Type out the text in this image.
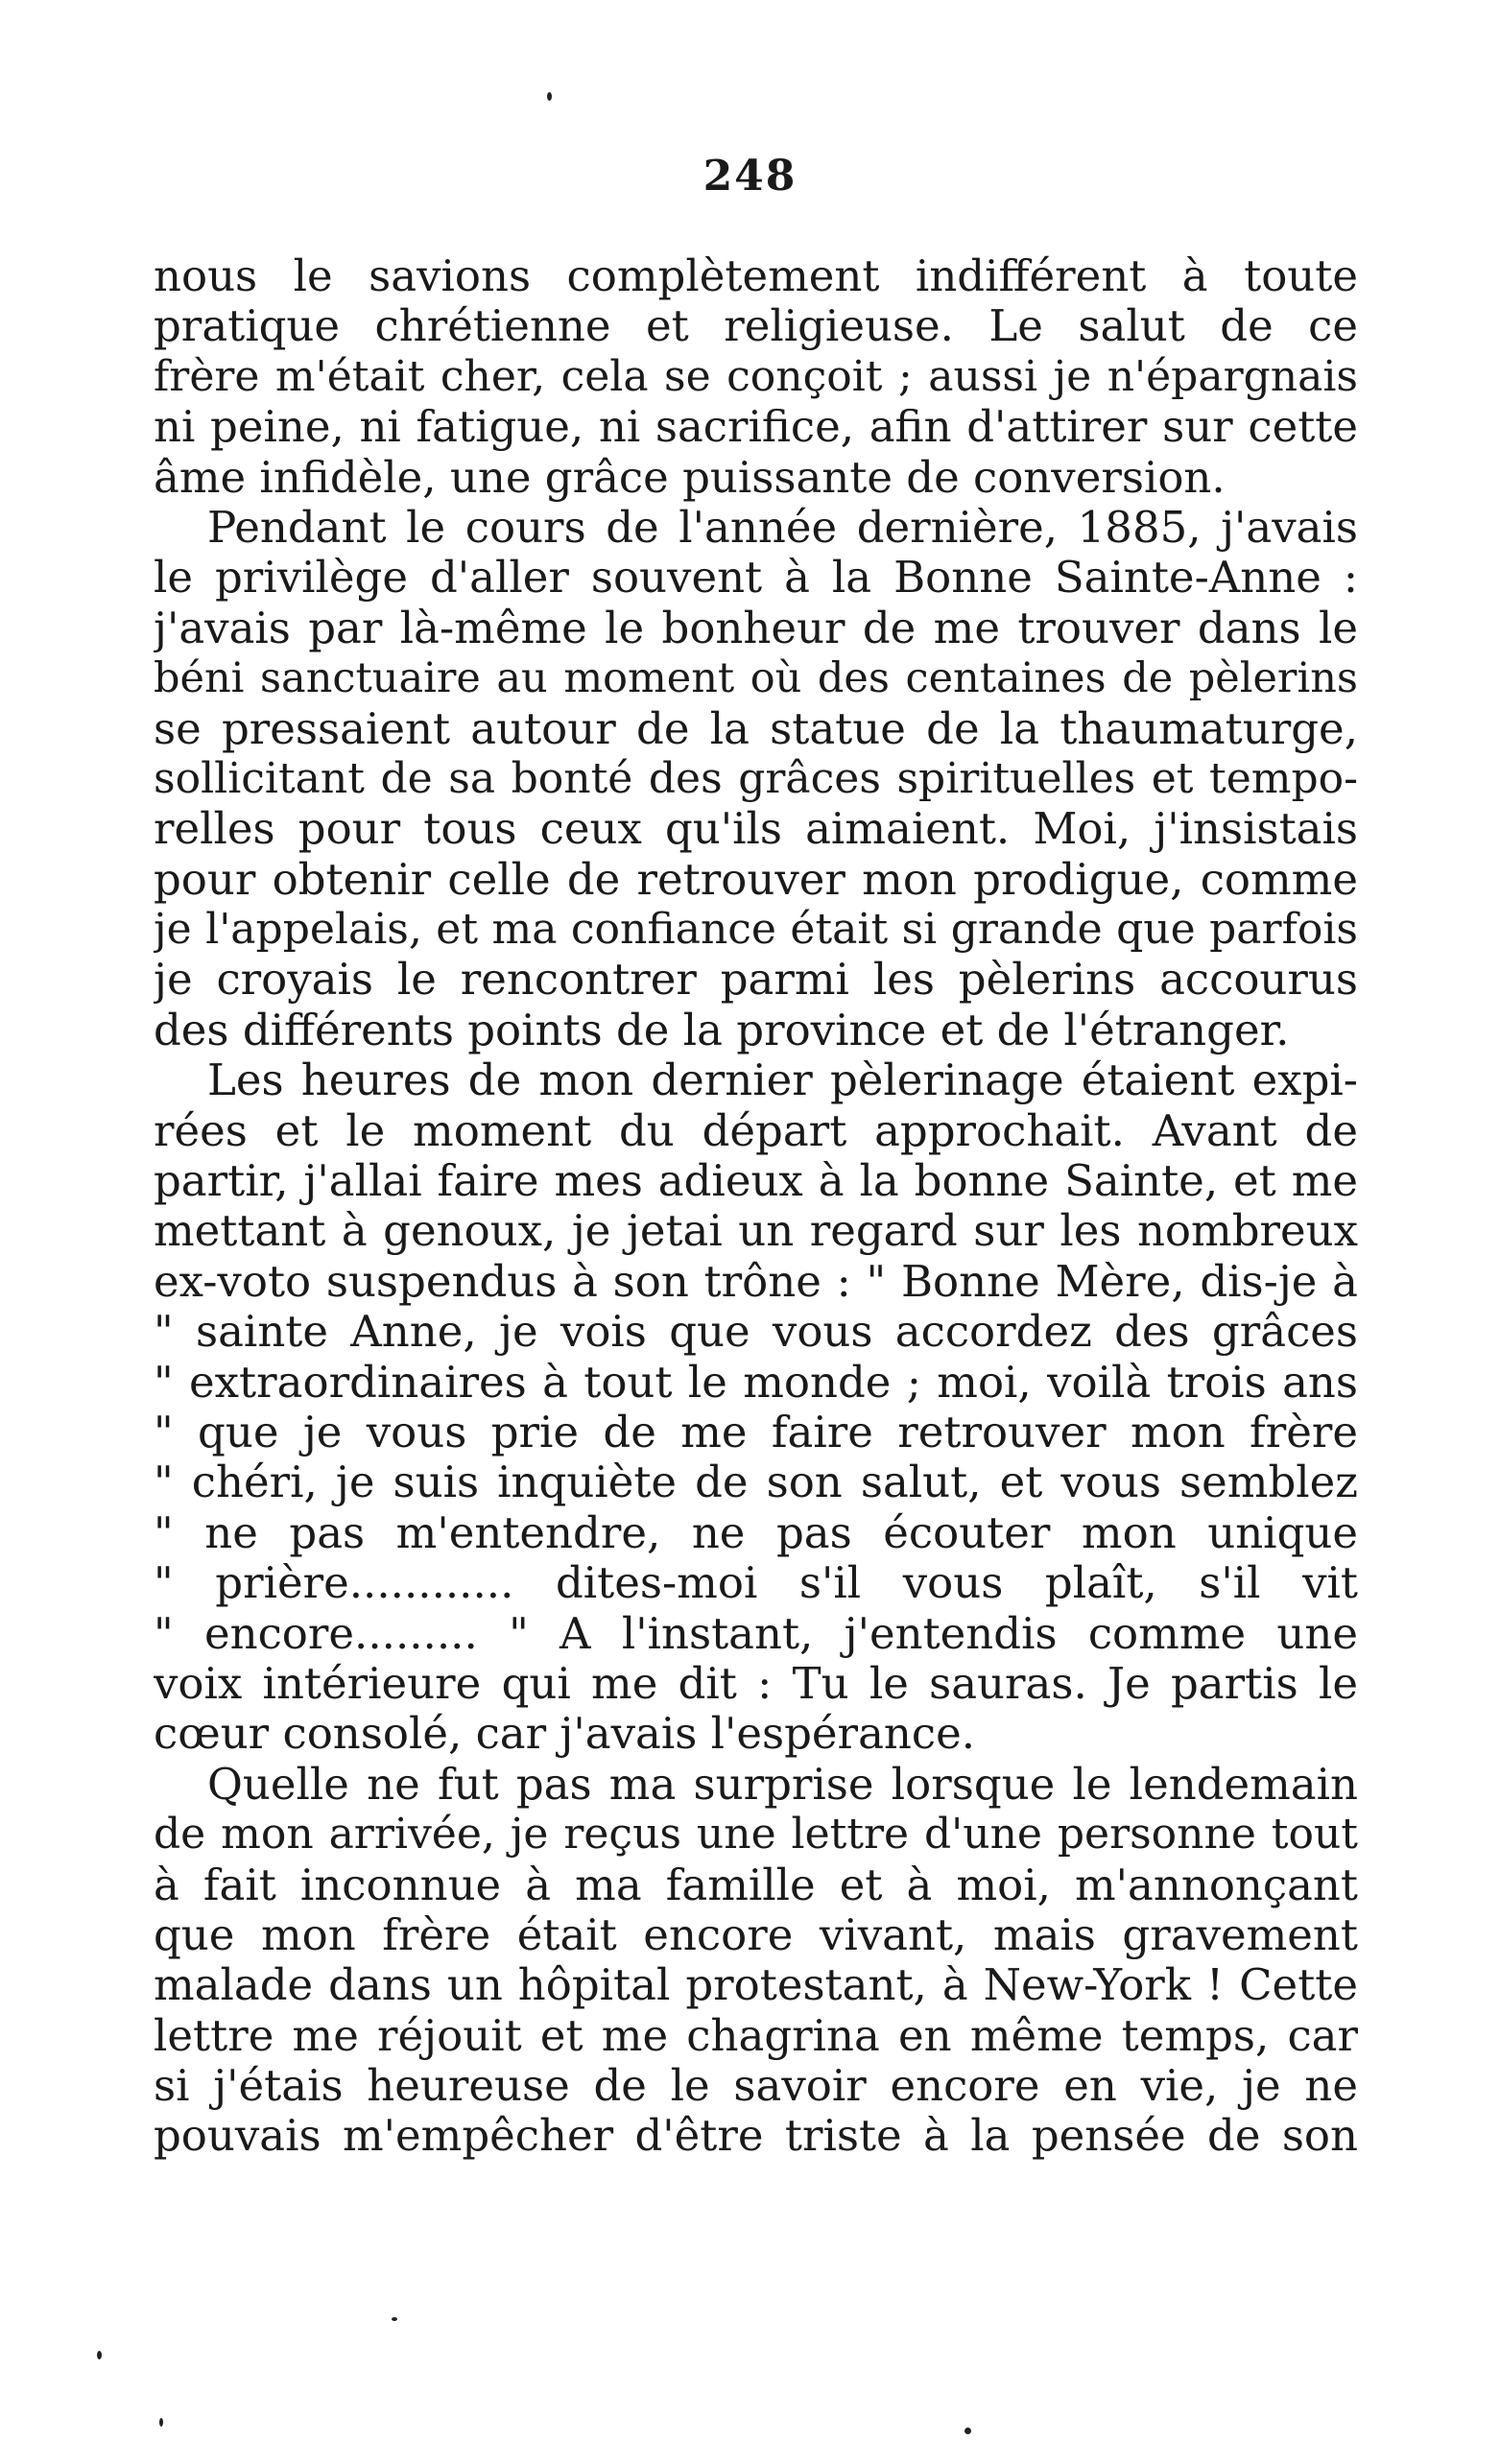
248
nous le savions complètement indifférent à toute
pratique chrétienne et religieuse. Le salut de ce
frère m'était cher, cela se conçoit ; aussi je n'épargnais
ni peine, ni fatigue, ni sacrifice, afin d'attirer sur cette
âme infidèle, une grâce puissante de conversion.
Pendant le cours de l'année dernière, 1885, j'avais
le privilège d'aller souvent à la Bonne Sainte-Anne :
j'avais par là-même le bonheur de me trouver dans le
béni sanctuaire au moment où des centaines de pèlerins
se pressaient autour de la statue de la thaumaturge,
sollicitant de sa bonté des grâces spirituelles et tempo-
relles pour tous ceux qu'ils aimaient. Moi, j'insistais
pour obtenir celle de retrouver mon prodigue, comme
je l'appelais, et ma confiance était si grande que parfois
je croyais le rencontrer parmi les pèlerins accourus
des différents points de la province et de l'étranger.
Les heures de mon dernier pèlerinage étaient expi-
rées et le moment du départ approchait. Avant de
partir, j'allai faire mes adieux à la bonne Sainte, et me
mettant à genoux, je jetai un regard sur les nombreux
ex-voto suspendus à son trône : " Bonne Mère, dis-je à
" sainte Anne, je vois que vous accordez des grâces
" extraordinaires à tout le monde ; moi, voilà trois ans
" que je vous prie de me faire retrouver mon frère
" chéri, je suis inquiète de son salut, et vous semblez
" ne pas m'entendre, ne pas écouter mon unique
" prière............ dites-moi s'il vous plaît, s'il vit
" encore......... " A l'instant, j'entendis comme une
voix intérieure qui me dit : Tu le sauras. Je partis le
cœur consolé, car j'avais l'espérance.
Quelle ne fut pas ma surprise lorsque le lendemain
de mon arrivée, je reçus une lettre d'une personne tout
à fait inconnue à ma famille et à moi, m'annonçant
que mon frère était encore vivant, mais gravement
malade dans un hôpital protestant, à New-York ! Cette
lettre me réjouit et me chagrina en même temps, car
si j'étais heureuse de le savoir encore en vie, je ne
pouvais m'empêcher d'être triste à la pensée de son
